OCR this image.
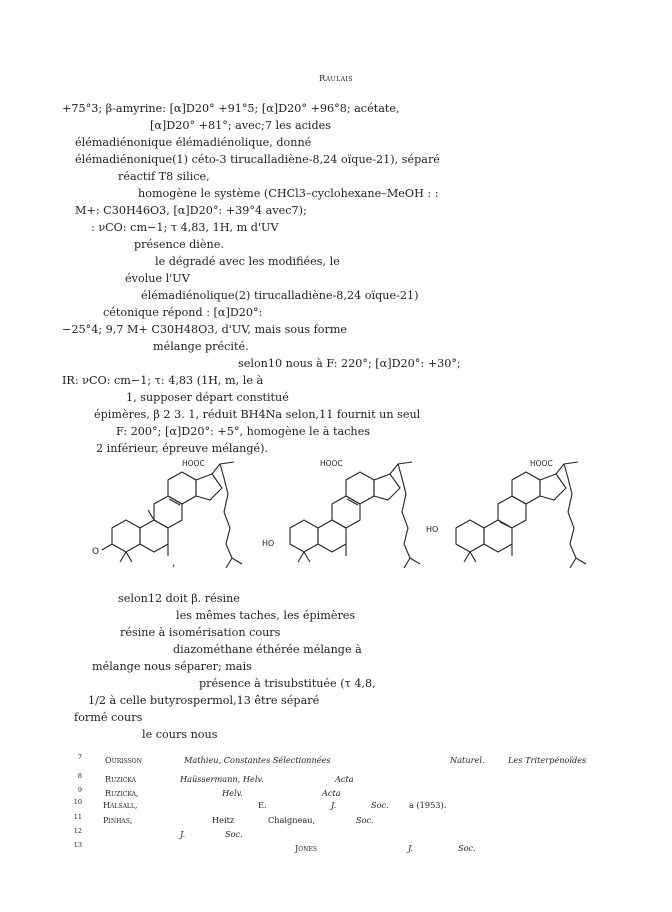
Raulais
+75°3; β-amyrine: [α]D20° +91°5; [α]D20° +96°8; acétate,
[α]D20° +81°; avec;7 les acides
élémadiénonique élémadiénolique, donné
élémadiénonique(1) céto-3 tirucalladiène-8,24 oïque-21), séparé
réactif T8 silice,
homogène le système (CHCl3–cyclohexane–MeOH : :
M+: C30H46O3, [α]D20°: +39°4 avec7);
: νCO: cm−1; τ 4,83, 1H, m d'UV
présence diène.
le dégradé avec les modifiées, le
évolue l'UV
élémadiénolique(2) tirucalladiène-8,24 oïque-21)
cétonique répond : [α]D20°:
−25°4; 9,7 M+ C30H48O3, d'UV, mais sous forme
mélange précité.
selon10 nous à F: 220°; [α]D20°: +30°;
IR: νCO: cm−1; τ: 4,83 (1H, m, le à
1, supposer départ constitué
épimères, β 2 3. 1, réduit BH4Na selon,11 fournit un seul
F: 200°; [α]D20°: +5°, homogène le à taches
2 inférieur, épreuve mélangé).
O
HOOC
HO
HOOC
HO
HOOC
,
selon12 doit β. résine
les mêmes taches, les épimères
résine à isomérisation cours
diazométhane éthérée mélange à
mélange nous séparer; mais
présence à trisubstituée (τ 4,8,
1/2 à celle butyrospermol,13 être séparé
formé cours
le cours nous
7	Ourisson	Mathieu, Constantes Sélectionnées	Naturel.	Les Triterpénoïdes
8	Ruzicka	Haüssermann, Helv.	Acta
9	Ruzicka,	Helv.	Acta
10	Halsall,	E.	J.	Soc. a (1953).
11	Pinhas,	Heitz	Chaigneau,	Soc.
12	J.	Soc.
13	Jones	J.	Soc.
